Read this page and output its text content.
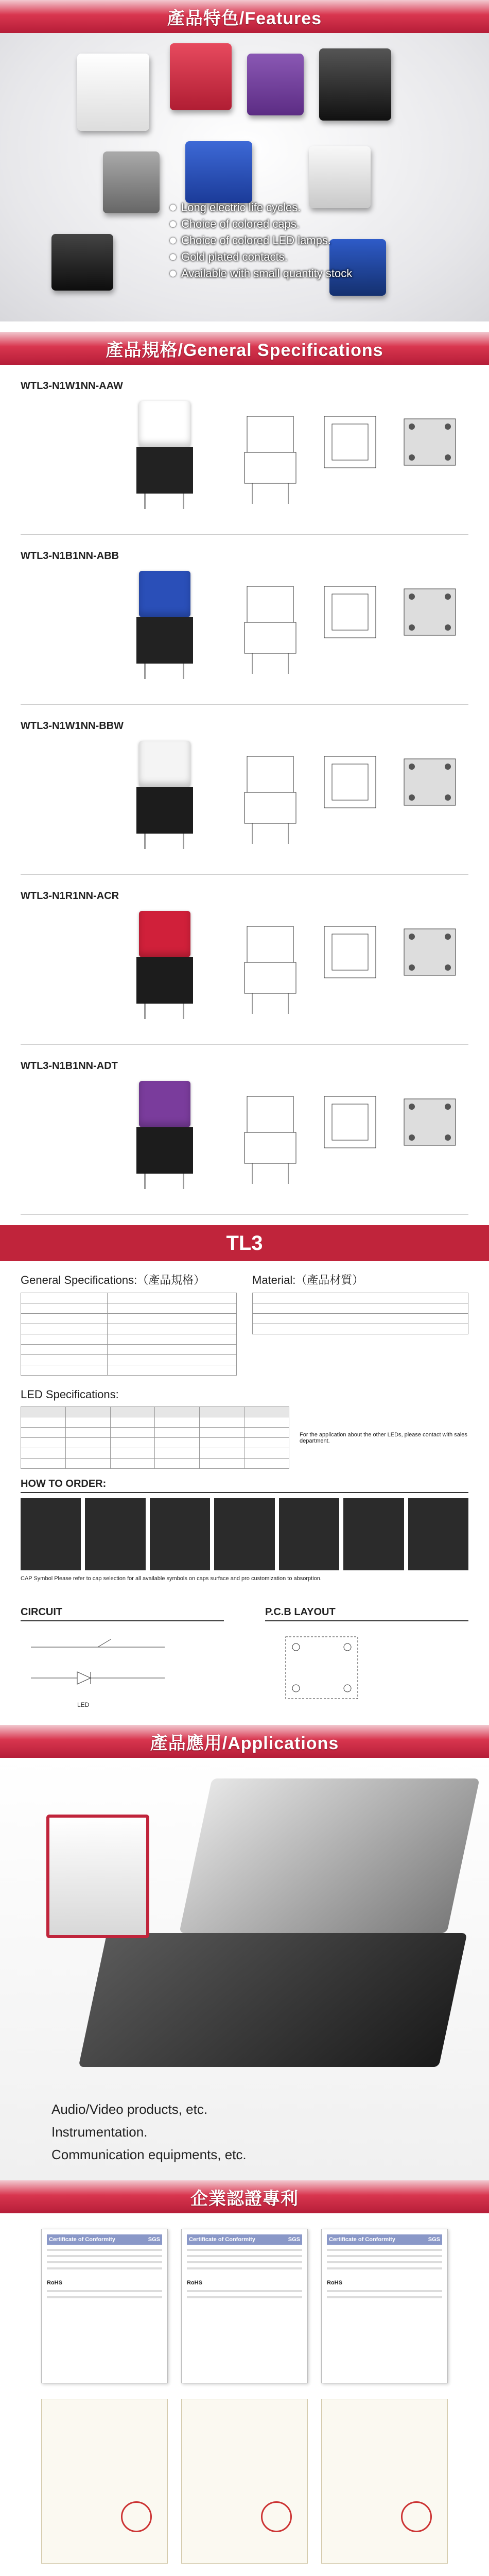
產品特色/Features
Long electric life cycles.
Choice of colored caps.
Choice of colored LED lamps.
Gold plated contacts.
Available with small quantity stock
產品規格/General Specifications
WTL3-N1W1NN-AAW
WTL3-N1B1NN-ABB
WTL3-N1W1NN-BBW
WTL3-N1R1NN-ACR
WTL3-N1B1NN-ADT
TL3
General Specifications:（產品規格）

		Material:（產品材質）

LED Specifications:

For the application about the other LEDs, please contact with sales department.
HOW TO ORDER:
CAP Symbol Please refer to cap selection for all available symbols on caps surface and pro customization to absorption.
CIRCUIT
LED
P.C.B LAYOUT
產品應用/Applications
Audio/Video products, etc.
Instrumentation.
Communication equipments, etc.
企業認證專利
Certificate of Conformity	SGS
RoHS
Certificate of Conformity	SGS
RoHS
Certificate of Conformity	SGS
RoHS
